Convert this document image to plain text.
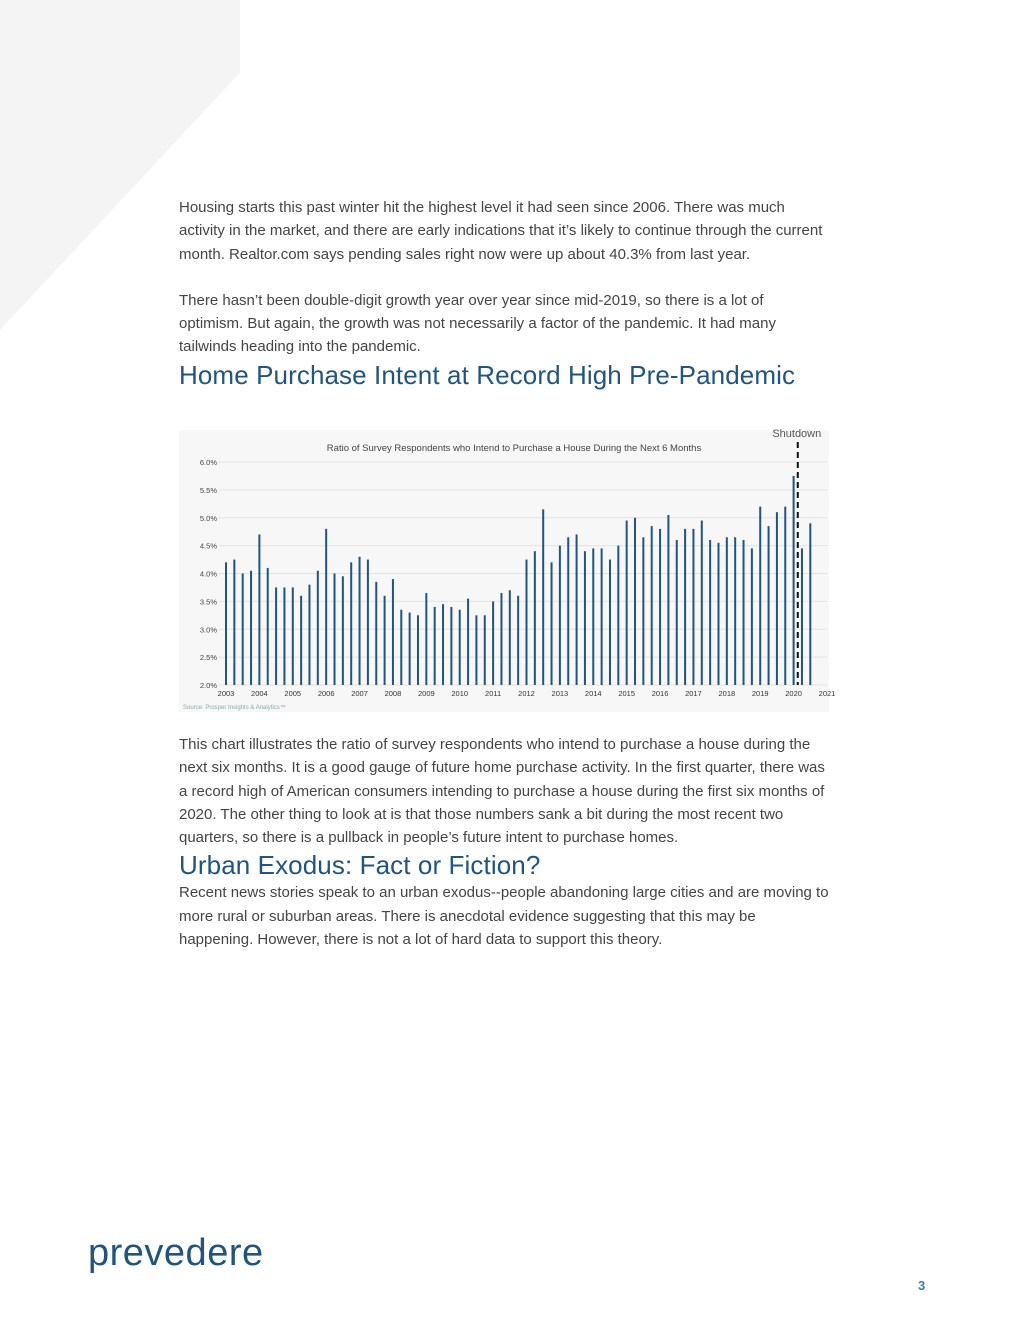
Housing starts this past winter hit the highest level it had seen since 2006. There was much activity in the market, and there are early indications that it’s likely to continue through the current month. Realtor.com says pending sales right now were up about 40.3% from last year.

There hasn’t been double-digit growth year over year since mid-2019, so there is a lot of optimism. But again, the growth was not necessarily a factor of the pandemic. It had many tailwinds heading into the pandemic.

Home Purchase Intent at Record High Pre-Pandemic
2.0%
2.5%
3.0%
3.5%
4.0%
4.5%
5.0%
5.5%
6.0%
2003 2004 2005 2006 2007 2008 2009 2010 2011 2012 2013 2014 2015 2016 2017 2018 2019 2020 2021
Shutdown
Ratio of Survey Respondents who Intend to Purchase a House During the Next 6 Months
Source: Prosper Insights & Analytics™

This chart illustrates the ratio of survey respondents who intend to purchase a house during the next six months. It is a good gauge of future home purchase activity. In the first quarter, there was a record high of American consumers intending to purchase a house during the first six months of 2020. The other thing to look at is that those numbers sank a bit during the most recent two quarters, so there is a pullback in people’s future intent to purchase homes.

Urban Exodus: Fact or Fiction?

Recent news stories speak to an urban exodus--people abandoning large cities and are moving to more rural or suburban areas. There is anecdotal evidence suggesting that this may be happening. However, there is not a lot of hard data to support this theory.

prevedere
3
